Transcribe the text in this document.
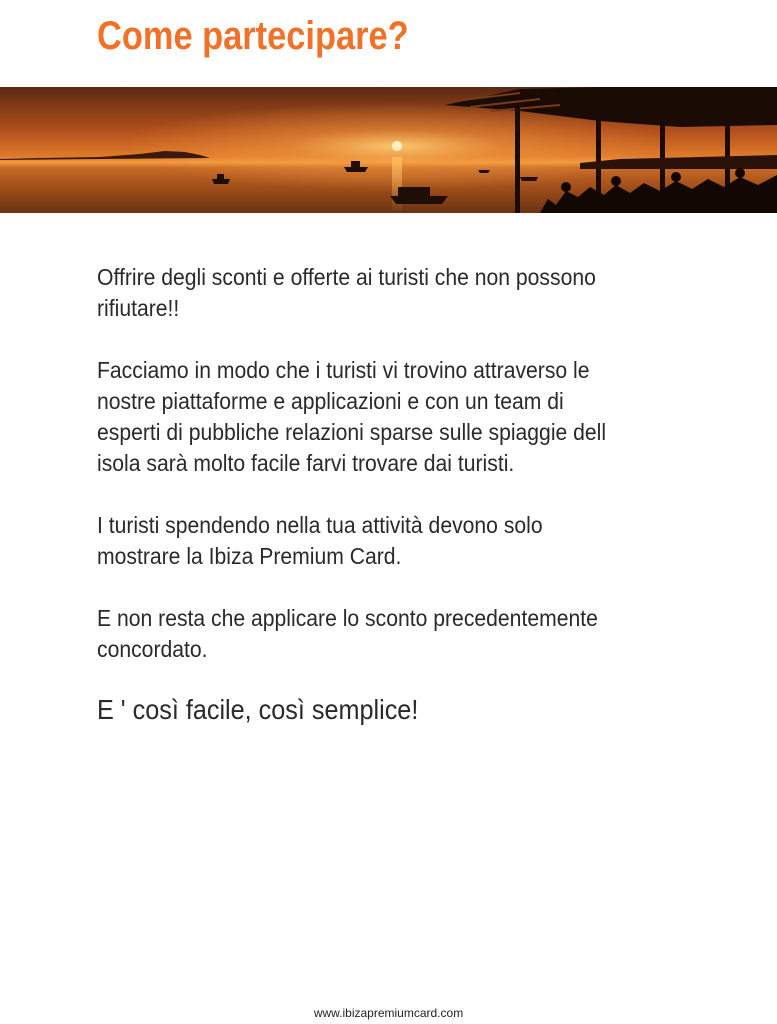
Come partecipare?

Offrire degli sconti e offerte ai turisti che non possono
rifiutare!!

Facciamo in modo che i turisti vi trovino attraverso le
nostre piattaforme e applicazioni e con un team di
esperti di pubbliche relazioni sparse sulle spiaggie dell
isola sarà molto facile farvi trovare dai turisti.

I turisti spendendo nella tua attività devono solo
mostrare la Ibiza Premium Card.

E non resta che applicare lo sconto precedentemente
concordato.

E ' così facile, così semplice!

www.ibizapremiumcard.com
